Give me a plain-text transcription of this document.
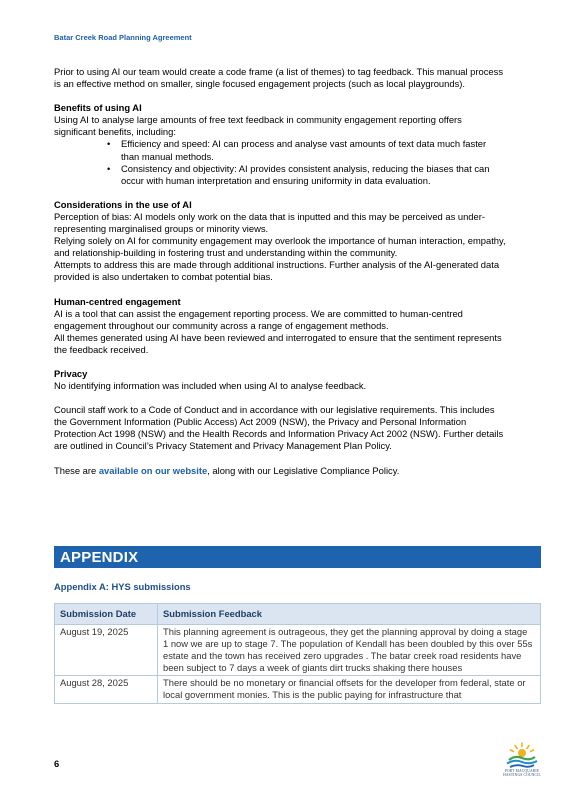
Batar Creek Road Planning Agreement

Prior to using AI our team would create a code frame (a list of themes) to tag feedback. This manual process is an effective method on smaller, single focused engagement projects (such as local playgrounds).

Benefits of using AI

Using AI to analyse large amounts of free text feedback in community engagement reporting offers significant benefits, including:

• Efficiency and speed: AI can process and analyse vast amounts of text data much faster than manual methods.
• Consistency and objectivity: AI provides consistent analysis, reducing the biases that can occur with human interpretation and ensuring uniformity in data evaluation.

Considerations in the use of AI

Perception of bias: AI models only work on the data that is inputted and this may be perceived as under-representing marginalised groups or minority views.

Relying solely on AI for community engagement may overlook the importance of human interaction, empathy, and relationship-building in fostering trust and understanding within the community.

Attempts to address this are made through additional instructions. Further analysis of the AI-generated data provided is also undertaken to combat potential bias.

Human-centred engagement

AI is a tool that can assist the engagement reporting process. We are committed to human-centred engagement throughout our community across a range of engagement methods.

All themes generated using AI have been reviewed and interrogated to ensure that the sentiment represents the feedback received.

Privacy

No identifying information was included when using AI to analyse feedback.

Council staff work to a Code of Conduct and in accordance with our legislative requirements. This includes the Government Information (Public Access) Act 2009 (NSW), the Privacy and Personal Information Protection Act 1998 (NSW) and the Health Records and Information Privacy Act 2002 (NSW). Further details are outlined in Council’s Privacy Statement and Privacy Management Plan Policy.

These are available on our website, along with our Legislative Compliance Policy.

APPENDIX
Appendix A: HYS submissions
Submission Date	Submission Feedback
August 19, 2025	This planning agreement is outrageous, they get the planning approval by doing a stage 1 now we are up to stage 7. The population of Kendall has been doubled by this over 55s estate and the town has received zero upgrades . The batar creek road residents have been subject to 7 days a week of giants dirt trucks shaking there houses
August 28, 2025	There should be no monetary or financial offsets for the developer from federal, state or local government monies. This is the public paying for infrastructure that
6
PORT MACQUARIE
HASTINGS COUNCIL
